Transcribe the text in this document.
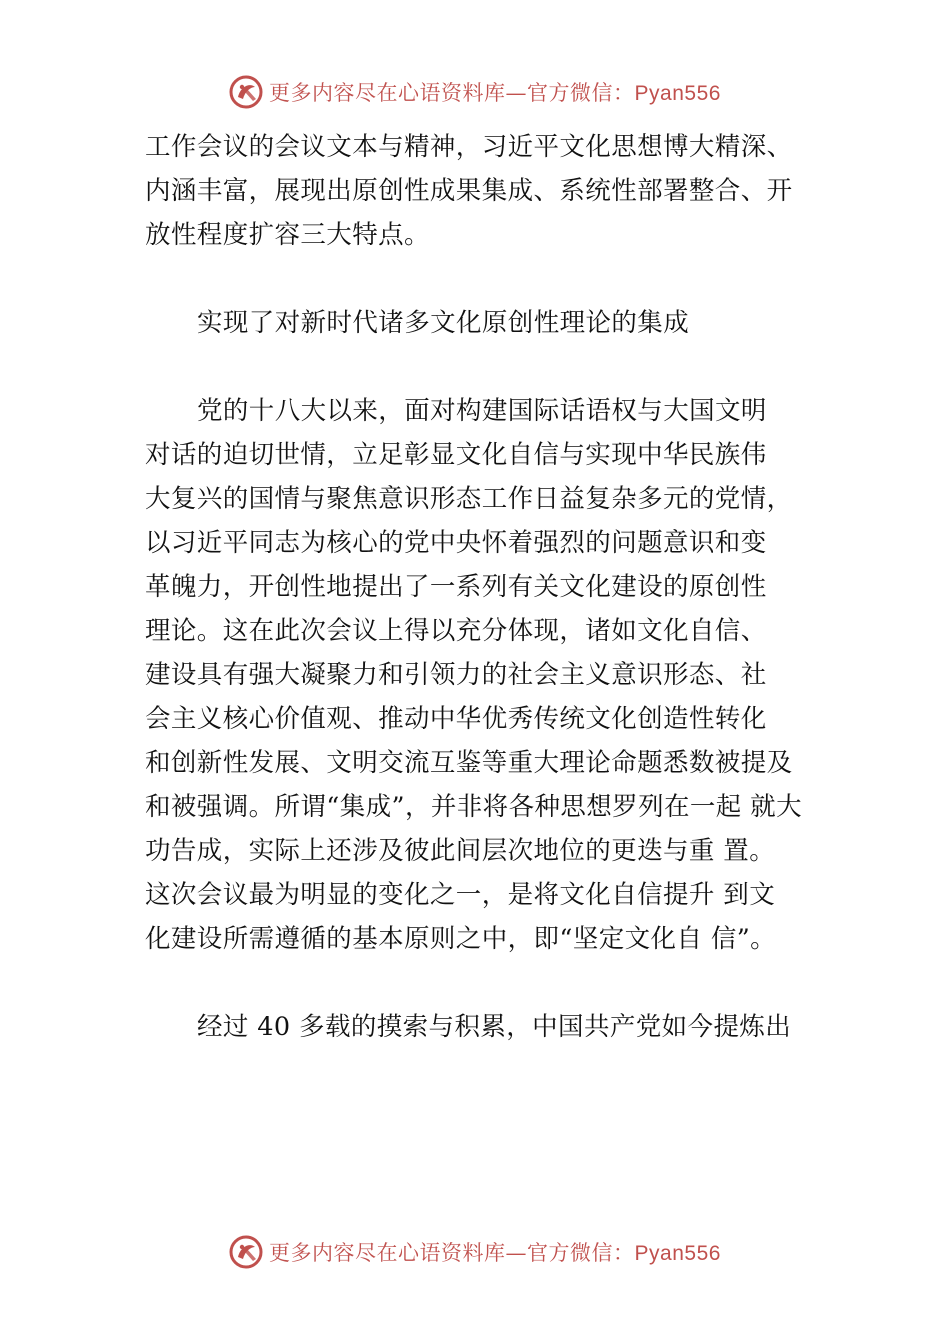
更多内容尽在心语资料库—官方微信：Pyan556
工作会议的会议文本与精神，习近平文化思想博大精深、
内涵丰富，展现出原创性成果集成、系统性部署整合、开
放性程度扩容三大特点。
实现了对新时代诸多文化原创性理论的集成
党的十八大以来，面对构建国际话语权与大国文明
对话的迫切世情，立足彰显文化自信与实现中华民族伟
大复兴的国情与聚焦意识形态工作日益复杂多元的党情，
以习近平同志为核心的党中央怀着强烈的问题意识和变
革魄力，开创性地提出了一系列有关文化建设的原创性
理论。这在此次会议上得以充分体现，诸如文化自信、
建设具有强大凝聚力和引领力的社会主义意识形态、社
会主义核心价值观、推动中华优秀传统文化创造性转化
和创新性发展、文明交流互鉴等重大理论命题悉数被提及
和被强调。所谓“集成”，并非将各种思想罗列在一起 就大
功告成，实际上还涉及彼此间层次地位的更迭与重 置。
这次会议最为明显的变化之一，是将文化自信提升 到文
化建设所需遵循的基本原则之中，即“坚定文化自 信”。
经过 40 多载的摸索与积累，中国共产党如今提炼出
更多内容尽在心语资料库—官方微信：Pyan556
